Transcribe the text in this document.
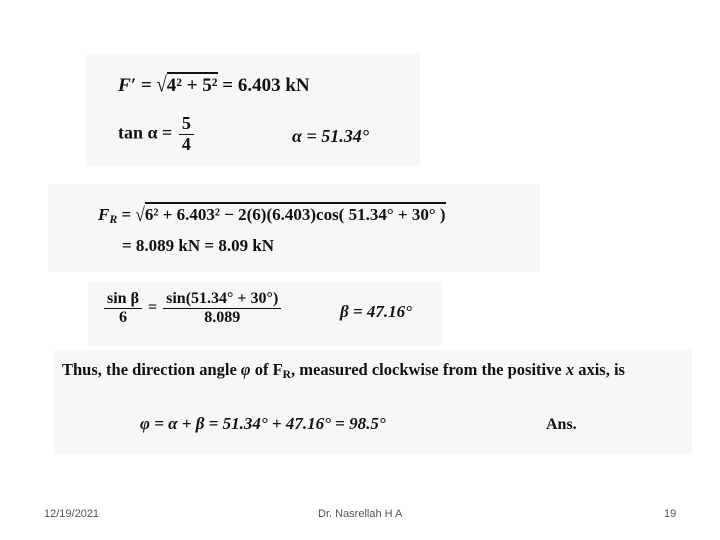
F′ = √4² + 5² = 6.403 kN
$\tan \alpha = \frac{5}{4}$	α = 51.34°
$F_R = √6^2 + 6.403^2 - 2(6)(6.403)\cos$( 51.34° + 30° )
= 8.089 kN = 8.09 kN
$\frac{\text{sin β}}{6} = \frac{\sin(51.34^\circ + 30^\circ)}{8.089}$	β = 47.16°
Thus, the direction angle φ of $F_R$, measured clockwise from the positive x axis, is
φ = α + β = 51.34° + 47.16° = 98.5°	Ans.
12/19/2021	Dr. Nasrellah H A	19
